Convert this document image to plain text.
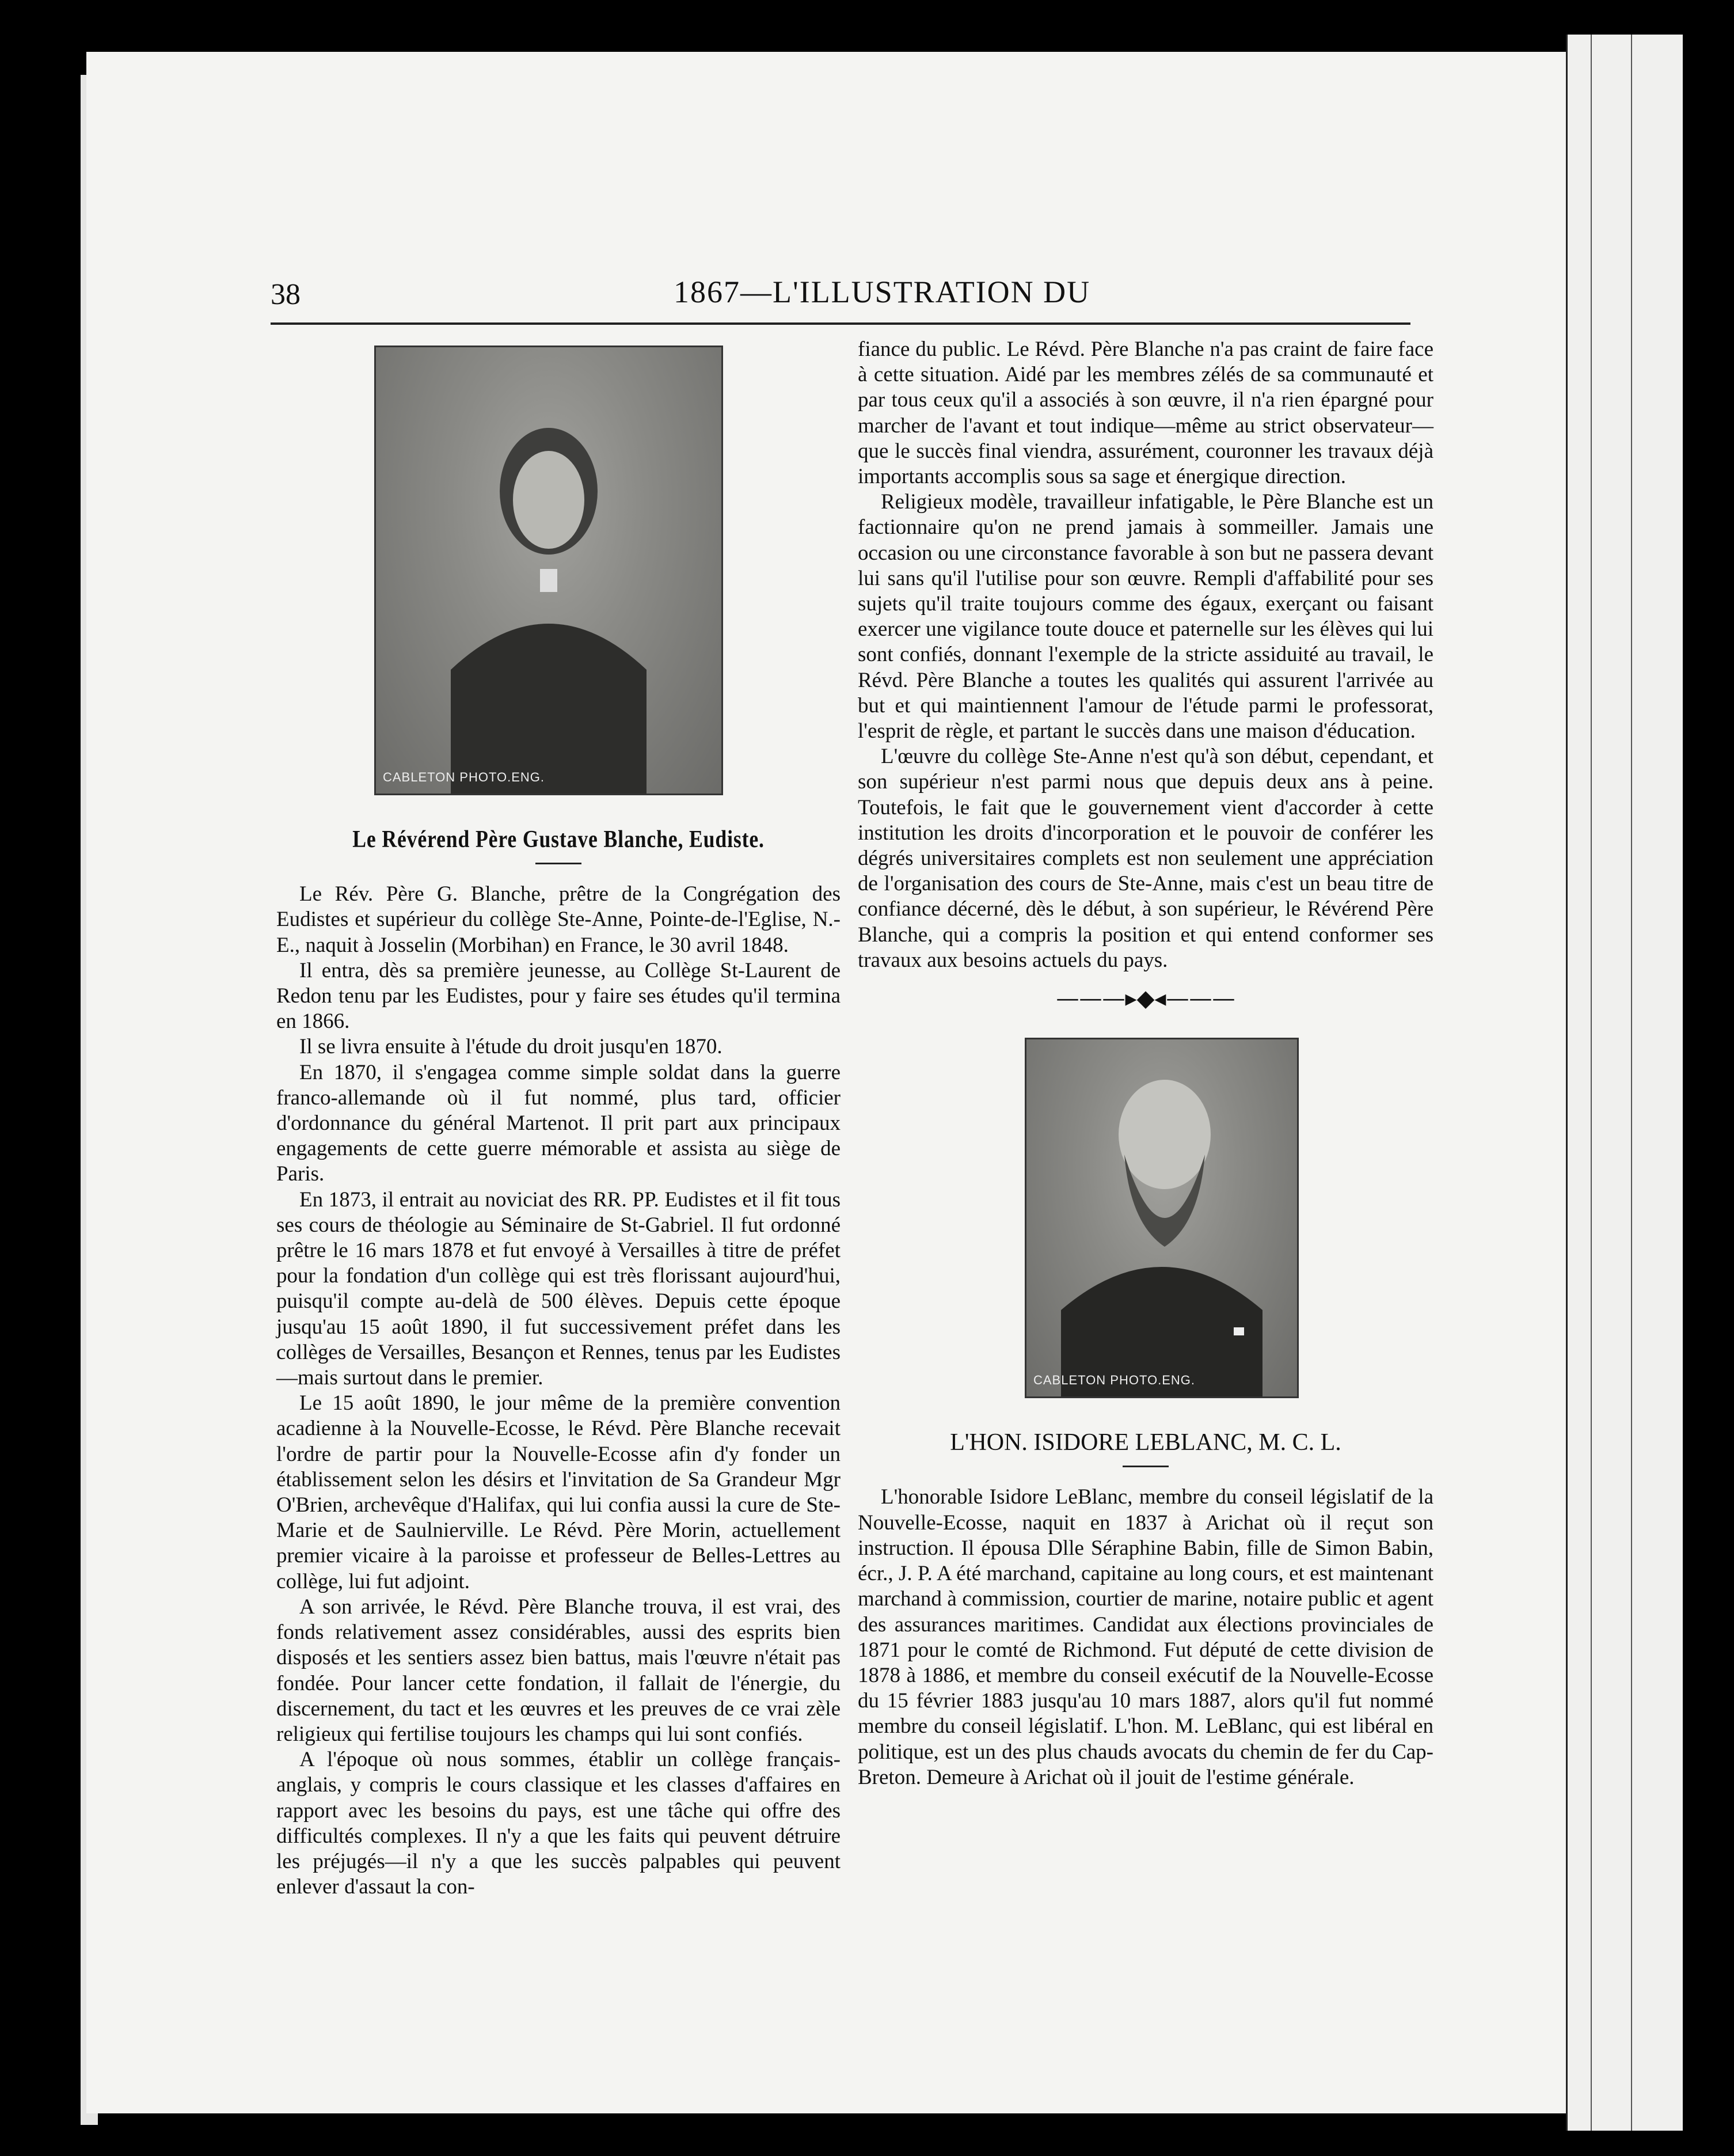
38	1867—L'ILLUSTRATION DU
CABLETON PHOTO.ENG.
Le Révérend Père Gustave Blanche, Eudiste.

Le Rév. Père G. Blanche, prêtre de la Congrégation des Eudistes et supérieur du collège Ste-Anne, Pointe-de-l'Eglise, N.-E., naquit à Josselin (Morbihan) en France, le 30 avril 1848.

Il entra, dès sa première jeunesse, au Collège St-Laurent de Redon tenu par les Eudistes, pour y faire ses études qu'il termina en 1866.

Il se livra ensuite à l'étude du droit jusqu'en 1870.

En 1870, il s'engagea comme simple soldat dans la guerre franco-allemande où il fut nommé, plus tard, officier d'ordonnance du général Martenot. Il prit part aux principaux engagements de cette guerre mémorable et assista au siège de Paris.

En 1873, il entrait au noviciat des RR. PP. Eudistes et il fit tous ses cours de théologie au Séminaire de St-Gabriel. Il fut ordonné prêtre le 16 mars 1878 et fut envoyé à Versailles à titre de préfet pour la fondation d'un collège qui est très florissant aujourd'hui, puisqu'il compte au-delà de 500 élèves. Depuis cette époque jusqu'au 15 août 1890, il fut successivement préfet dans les collèges de Versailles, Besançon et Rennes, tenus par les Eudistes—mais surtout dans le premier.

Le 15 août 1890, le jour même de la première convention acadienne à la Nouvelle-Ecosse, le Révd. Père Blanche recevait l'ordre de partir pour la Nouvelle-Ecosse afin d'y fonder un établissement selon les désirs et l'invitation de Sa Grandeur Mgr O'Brien, archevêque d'Halifax, qui lui confia aussi la cure de Ste-Marie et de Saulnierville. Le Révd. Père Morin, actuellement premier vicaire à la paroisse et professeur de Belles-Lettres au collège, lui fut adjoint.

A son arrivée, le Révd. Père Blanche trouva, il est vrai, des fonds relativement assez considérables, aussi des esprits bien disposés et les sentiers assez bien battus, mais l'œuvre n'était pas fondée. Pour lancer cette fondation, il fallait de l'énergie, du discernement, du tact et les œuvres et les preuves de ce vrai zèle religieux qui fertilise toujours les champs qui lui sont confiés.

A l'époque où nous sommes, établir un collège français-anglais, y compris le cours classique et les classes d'affaires en rapport avec les besoins du pays, est une tâche qui offre des difficultés complexes. Il n'y a que les faits qui peuvent détruire les préjugés—il n'y a que les succès palpables qui peuvent enlever d'assaut la con-

fiance du public. Le Révd. Père Blanche n'a pas craint de faire face à cette situation. Aidé par les membres zélés de sa communauté et par tous ceux qu'il a associés à son œuvre, il n'a rien épargné pour marcher de l'avant et tout indique—même au strict observateur—que le succès final viendra, assurément, couronner les travaux déjà importants accomplis sous sa sage et énergique direction.

Religieux modèle, travailleur infatigable, le Père Blanche est un factionnaire qu'on ne prend jamais à sommeiller. Jamais une occasion ou une circonstance favorable à son but ne passera devant lui sans qu'il l'utilise pour son œuvre. Rempli d'affabilité pour ses sujets qu'il traite toujours comme des égaux, exerçant ou faisant exercer une vigilance toute douce et paternelle sur les élèves qui lui sont confiés, donnant l'exemple de la stricte assiduité au travail, le Révd. Père Blanche a toutes les qualités qui assurent l'arrivée au but et qui maintiennent l'amour de l'étude parmi le professorat, l'esprit de règle, et partant le succès dans une maison d'éducation.

L'œuvre du collège Ste-Anne n'est qu'à son début, cependant, et son supérieur n'est parmi nous que depuis deux ans à peine. Toutefois, le fait que le gouvernement vient d'accorder à cette institution les droits d'incorporation et le pouvoir de conférer les dégrés universitaires complets est non seulement une appréciation de l'organisation des cours de Ste-Anne, mais c'est un beau titre de confiance décerné, dès le début, à son supérieur, le Révérend Père Blanche, qui a compris la position et qui entend conformer ses travaux aux besoins actuels du pays.

———▸◆◂———
CABLETON PHOTO.ENG.
L'HON. ISIDORE LEBLANC, M. C. L.

L'honorable Isidore LeBlanc, membre du conseil législatif de la Nouvelle-Ecosse, naquit en 1837 à Arichat où il reçut son instruction. Il épousa Dlle Séraphine Babin, fille de Simon Babin, écr., J. P. A été marchand, capitaine au long cours, et est maintenant marchand à commission, courtier de marine, notaire public et agent des assurances maritimes. Candidat aux élections provinciales de 1871 pour le comté de Richmond. Fut député de cette division de 1878 à 1886, et membre du conseil exécutif de la Nouvelle-Ecosse du 15 février 1883 jusqu'au 10 mars 1887, alors qu'il fut nommé membre du conseil législatif. L'hon. M. LeBlanc, qui est libéral en politique, est un des plus chauds avocats du chemin de fer du Cap-Breton. Demeure à Arichat où il jouit de l'estime générale.
